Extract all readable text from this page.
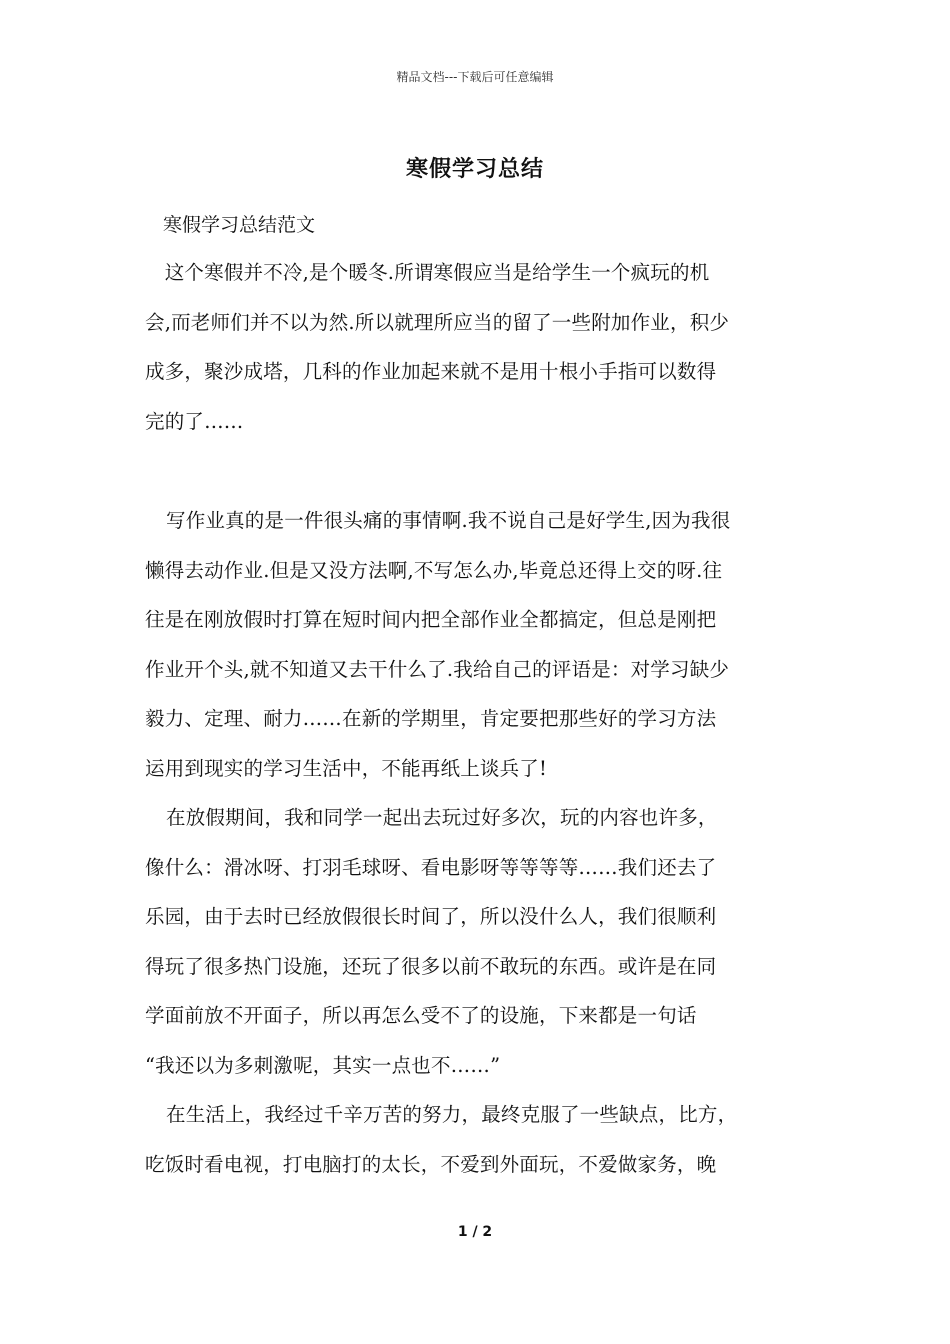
精品文档---下载后可任意编辑
寒假学习总结
寒假学习总结范文
　这个寒假并不冷,是个暖冬.所谓寒假应当是给学生一个疯玩的机
会,而老师们并不以为然.所以就理所应当的留了一些附加作业，积少
成多，聚沙成塔，几科的作业加起来就不是用十根小手指可以数得
完的了……
写作业真的是一件很头痛的事情啊.我不说自己是好学生,因为我很
懒得去动作业.但是又没方法啊,不写怎么办,毕竟总还得上交的呀.往
往是在刚放假时打算在短时间内把全部作业全都搞定，但总是刚把
作业开个头,就不知道又去干什么了.我给自己的评语是：对学习缺少
毅力、定理、耐力……在新的学期里，肯定要把那些好的学习方法
运用到现实的学习生活中，不能再纸上谈兵了!
在放假期间，我和同学一起出去玩过好多次，玩的内容也许多，
像什么：滑冰呀、打羽毛球呀、看电影呀等等等等……我们还去了
乐园，由于去时已经放假很长时间了，所以没什么人，我们很顺利
得玩了很多热门设施，还玩了很多以前不敢玩的东西。或许是在同
学面前放不开面子，所以再怎么受不了的设施，下来都是一句话
“我还以为多刺激呢，其实一点也不……”
在生活上，我经过千辛万苦的努力，最终克服了一些缺点，比方，
吃饭时看电视，打电脑打的太长，不爱到外面玩，不爱做家务，晚
1 / 2
